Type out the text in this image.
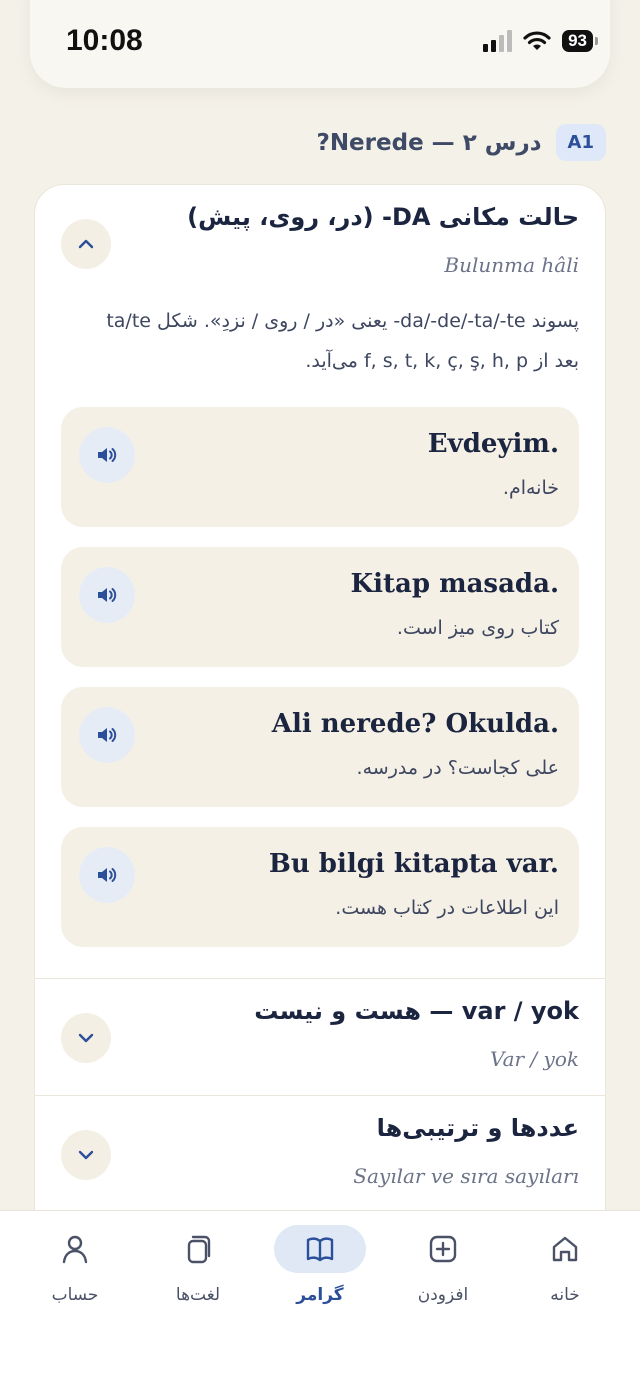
10:08	93
درس ۲ — Nerede?	A1
حالت مکانی DA- (در، روی، پیش)
Bulunma hâli
پسوند ‎-da/-de/-ta/-te‎ یعنی «در / روی / نزدِ». شکل ‎ta/te‎ بعد از ‎f, s, t, k, ç, ş, h, p‎ می‌آید.
Evdeyim.
خانه‌ام.
Kitap masada.
کتاب روی میز است.
Ali nerede? Okulda.
علی کجاست؟ در مدرسه.
Bu bilgi kitapta var.
این اطلاعات در کتاب هست.
var / yok — هست و نیست
Var / yok
عددها و ترتیبی‌ها
Sayılar ve sıra sayıları
خانه
افزودن
گرامر
لغت‌ها
حساب
